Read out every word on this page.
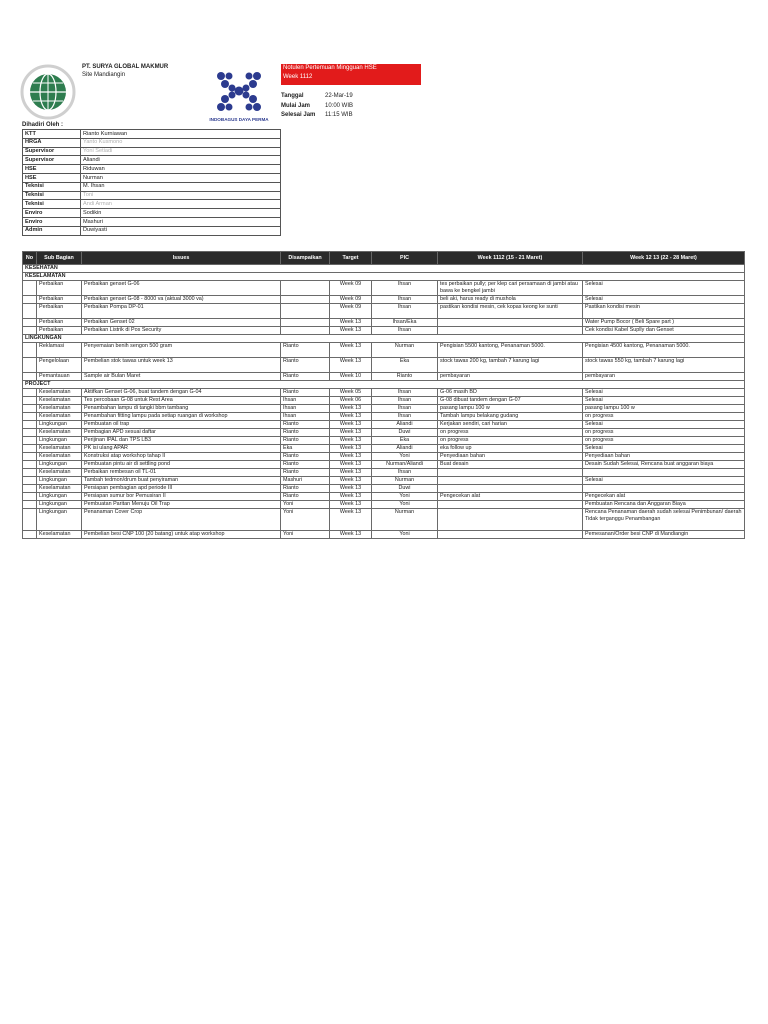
PT. SURYA GLOBAL MAKMUR
Site Mandiangin
INDOBAGUS DAYA PERMA
Notulen Pertemuan Mingguan HSE
Week 1112
Tanggal	22-Mar-19
Mulai Jam 10:00 WIB
Selesai Jam 11:15 WIB
Dihadiri Oleh :
KTT	Rianto Kurniawan
HRGA	Yanto Kusmono
Supervisor	Yoni Setiadi
Supervisor	Aliandi
HSE	Riduwan
HSE	Nurman
Teknisi	M. Ihsan
Teknisi	Toni
Teknisi	Andi Arman
Enviro	Sodikin
Enviro	Mashuri
Admin	Duwiyasti
No	Sub Bagian	Issues	Disampaikan	Target	PIC	Week 1112 (15 - 21 Maret)	Week 12 13 (22 - 28 Maret)
KESEHATAN							
KESELAMATAN							
	Perbaikan	Perbaikan genset G-06		Week 09	Ihsan	tes perbaikan pully; per klep cari persamaan di jambi atau bawa ke bengkel jambi	Selesai
	Perbaikan	Perbaikan genset G-08 - 8000 va (aktual 3000 va)		Week 09	Ihsan	beli aki, harus ready di mushola	Selesai
	Perbaikan	Perbaikan Pompa DP-01		Week 09	Ihsan	pastikan kondisi mesin, cek kopas keong ke sunti	Pastikan kondisi mesin
	Perbaikan	Perbaikan Genset 02		Week 13	Ihsan/Eka		Water Pump Bocor ( Beli Spare part )
	Perbaikan	Perbaikan Listrik di Pos Security		Week 13	Ihsan		Cek kondisi Kabel Suplly dan Genset
LINGKUNGAN							
	Reklamasi	Penyemaian benih sengon 500 gram	Rianto	Week 13	Nurman	Pengisian 5500 kantong, Penanaman 5000.	Pengisian 4500 kantong, Penanaman 5000.
	Pengelolaan	Pembelian stok tawas untuk week 13	Rianto	Week 13	Eka	stock tawas 200 kg, tambah 7 karung lagi	stock tawas 550 kg, tambah 7 karung lagi
	Pemantauan	Sample air Bulan Maret	Rianto	Week 10	Rianto	pembayaran	pembayaran
PROJECT							
	Keselamatan	Aktifkan Genset G-06, buat tandem dengan G-04	Rianto	Week 05	Ihsan	G-06 masih BD	Selesai
	Keselamatan	Tes percobaan G-08 untuk Rest Area	Ihsan	Week 06	Ihsan	G-08 dibuat tandem dengan G-07	Selesai
	Keselamatan	Penambahan lampu di tangki bbm tambang	Ihsan	Week 13	Ihsan	pasang lampu 100 w	pasang lampu 100 w
	Keselamatan	Penambahan fitting lampu pada setiap ruangan di workshop	Ihsan	Week 13	Ihsan	Tambah lampu belakang gudang	on progress
	Lingkungan	Pembuatan oil trap	Rianto	Week 13	Aliandi	Kerjakan sendiri, cari harian	Selesai
	Keselamatan	Pembagian APD sesuai daftar	Rianto	Week 13	Duwi	on progress	on progress
	Lingkungan	Perijinan IPAL dan TPS LB3	Rianto	Week 13	Eka	on progress	on progress
	Keselamatan	PK isi ulang APAR	Eka	Week 13	Aliandi	eka follow up	Selesai
	Keselamatan	Konstruksi atap workshop tahap II	Rianto	Week 13	Yoni	Penyediaan bahan	Penyediaan bahan
	Lingkungan	Pembuatan pintu air di settling pond	Rianto	Week 13	Nurman/Aliandi	Buat desain	Desain Sudah Selesai, Rencana buat anggaran biaya
	Keselamatan	Perbaikan rembesan oil TL-01	Rianto	Week 13	Ihsan		
	Lingkungan	Tambah tedmon/drum buat penyiraman	Mashuri	Week 13	Nurman		Selesai
	Keselamatan	Persiapan pembagian apd periode III	Rianto	Week 13	Duwi		
	Lingkungan	Persiapan sumur bor Pemusiran II	Rianto	Week 13	Yoni	Pengecekan alat	Pengecekan alat
	Lingkungan	Pembuatan Paritan Menuju Oil Trap	Yoni	Week 13	Yoni		Pembuatan Rencana dan Anggaran Biaya
	Lingkungan	Penanaman Cover Crop	Yoni	Week 13	Nurman		Rencana Penanaman daerah sudah selesai Penimbunan/ daerah Tidak terganggu Penambangan
	Keselamatan	Pembelian besi CNP 100 (20 batang) untuk atap workshop	Yoni	Week 13	Yoni		Pemesanan/Order besi CNP di Mandiangin
